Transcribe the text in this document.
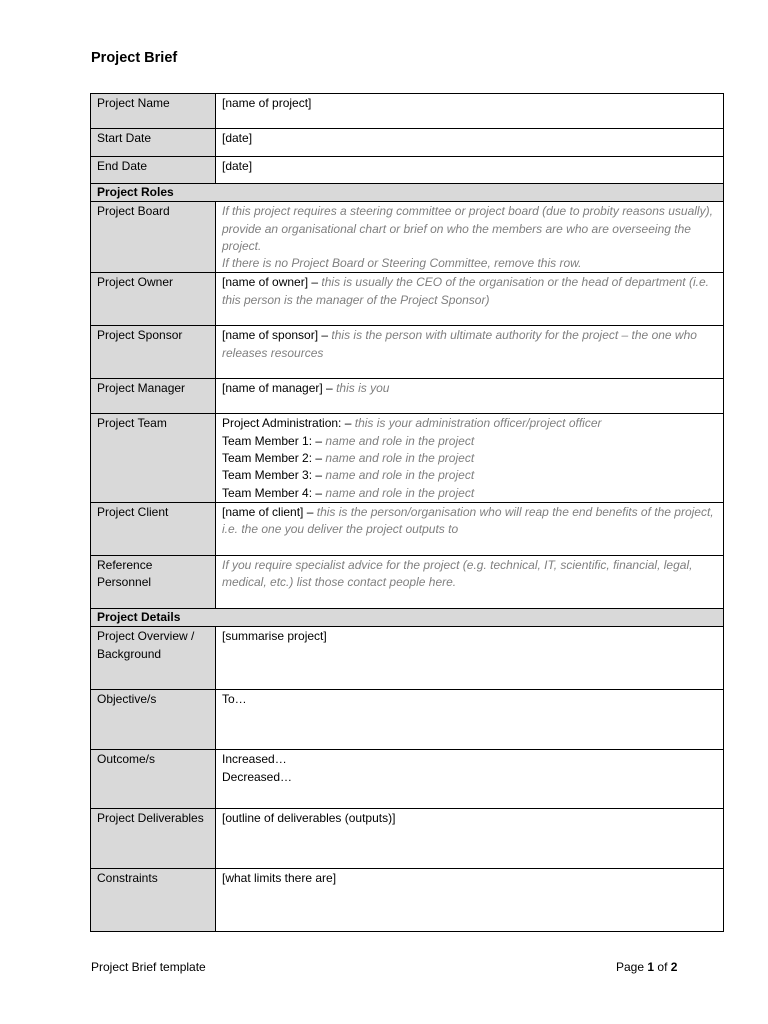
Project Brief
Project Name	[name of project]
Start Date	[date]
End Date	[date]
Project Roles	
Project Board	If this project requires a steering committee or project board (due to probity reasons usually), provide an organisational chart or brief on who the members are who are overseeing the project.
If there is no Project Board or Steering Committee, remove this row.
Project Owner	[name of owner] – this is usually the CEO of the organisation or the head of department (i.e. this person is the manager of the Project Sponsor)
Project Sponsor	[name of sponsor] – this is the person with ultimate authority for the project – the one who releases resources
Project Manager	[name of manager] – this is you
Project Team	Project Administration: – this is your administration officer/project officer
Team Member 1: – name and role in the project
Team Member 2: – name and role in the project
Team Member 3: – name and role in the project
Team Member 4: – name and role in the project

Project Client	[name of client] – this is the person/organisation who will reap the end benefits of the project, i.e. the one you deliver the project outputs to
Reference Personnel	If you require specialist advice for the project (e.g. technical, IT, scientific, financial, legal, medical, etc.) list those contact people here.
Project Details	
Project Overview / Background	[summarise project]
Objective/s	To…
Outcome/s	Increased…
Decreased…

Project Deliverables	[outline of deliverables (outputs)]
Constraints	[what limits there are]
Project Brief template	Page 1 of 2
